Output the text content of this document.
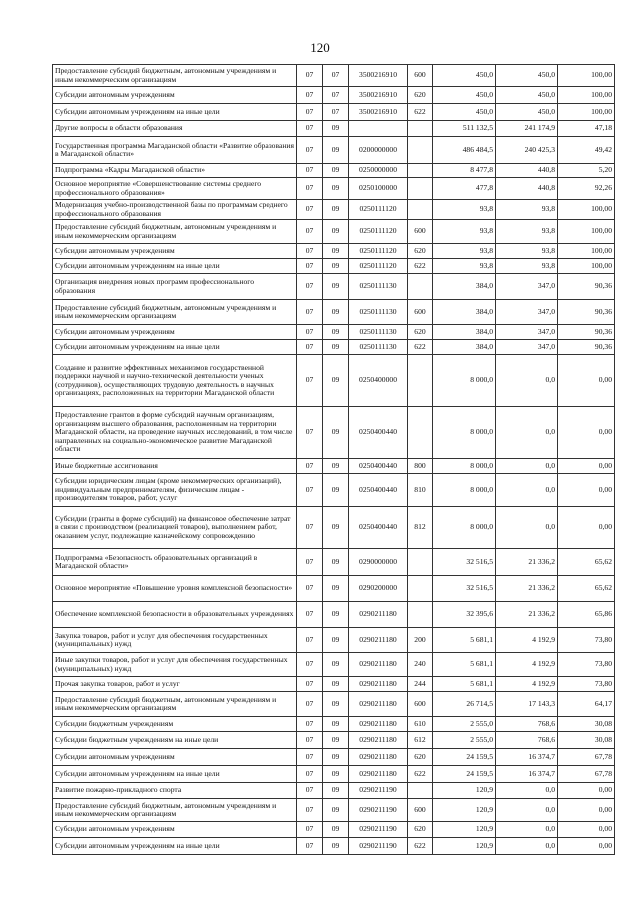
120
Предоставление субсидий бюджетным, автономным учреждениям и иным некоммерческим организациям	07	07	3500216910	600	450,0	450,0	100,00
Субсидии автономным учреждениям	07	07	3500216910	620	450,0	450,0	100,00
Субсидии автономным учреждениям на иные цели	07	07	3500216910	622	450,0	450,0	100,00
Другие вопросы в области образования	07	09			511 132,5	241 174,9	47,18
Государственная программа Магаданской области «Развитие образования в Магаданской области»	07	09	0200000000		486 484,5	240 425,3	49,42
Подпрограмма «Кадры Магаданской области»	07	09	0250000000		8 477,8	440,8	5,20
Основное мероприятие «Совершенствование системы среднего профессионального образования»	07	09	0250100000		477,8	440,8	92,26
Модернизация учебно-производственной базы по программам среднего профессионального образования	07	09	0250111120		93,8	93,8	100,00
Предоставление субсидий бюджетным, автономным учреждениям и иным некоммерческим организациям	07	09	0250111120	600	93,8	93,8	100,00
Субсидии автономным учреждениям	07	09	0250111120	620	93,8	93,8	100,00
Субсидии автономным учреждениям на иные цели	07	09	0250111120	622	93,8	93,8	100,00
Организация внедрения новых программ профессионального образования	07	09	0250111130		384,0	347,0	90,36
Предоставление субсидий бюджетным, автономным учреждениям и иным некоммерческим организациям	07	09	0250111130	600	384,0	347,0	90,36
Субсидии автономным учреждениям	07	09	0250111130	620	384,0	347,0	90,36
Субсидии автономным учреждениям на иные цели	07	09	0250111130	622	384,0	347,0	90,36
Создание и развитие эффективных механизмов государственной поддержки научной и научно-технической деятельности ученых (сотрудников), осуществляющих трудовую деятельность в научных организациях, расположенных на территории Магаданской области	07	09	0250400000		8 000,0	0,0	0,00
Предоставление грантов в форме субсидий научным организациям, организациям высшего образования, расположенным на территории Магаданской области, на проведение научных исследований, в том числе направленных на социально-экономическое развитие Магаданской области	07	09	0250400440		8 000,0	0,0	0,00
Иные бюджетные ассигнования	07	09	0250400440	800	8 000,0	0,0	0,00
Субсидии юридическим лицам (кроме некоммерческих организаций), индивидуальным предпринимателям, физическим лицам - производителям товаров, работ, услуг	07	09	0250400440	810	8 000,0	0,0	0,00
Субсидии (гранты в форме субсидий) на финансовое обеспечение затрат в связи с производством (реализацией товаров), выполнением работ, оказанием услуг, подлежащие казначейскому сопровождению	07	09	0250400440	812	8 000,0	0,0	0,00
Подпрограмма «Безопасность образовательных организаций в Магаданской области»	07	09	0290000000		32 516,5	21 336,2	65,62
Основное мероприятие «Повышение уровня комплексной безопасности»	07	09	0290200000		32 516,5	21 336,2	65,62
Обеспечение комплексной безопасности в образовательных учреждениях	07	09	0290211180		32 395,6	21 336,2	65,86
Закупка товаров, работ и услуг для обеспечения государственных (муниципальных) нужд	07	09	0290211180	200	5 681,1	4 192,9	73,80
Иные закупки товаров, работ и услуг для обеспечения государственных (муниципальных) нужд	07	09	0290211180	240	5 681,1	4 192,9	73,80
Прочая закупка товаров, работ и услуг	07	09	0290211180	244	5 681,1	4 192,9	73,80
Предоставление субсидий бюджетным, автономным учреждениям и иным некоммерческим организациям	07	09	0290211180	600	26 714,5	17 143,3	64,17
Субсидии бюджетным учреждениям	07	09	0290211180	610	2 555,0	768,6	30,08
Субсидии бюджетным учреждениям на иные цели	07	09	0290211180	612	2 555,0	768,6	30,08
Субсидии автономным учреждениям	07	09	0290211180	620	24 159,5	16 374,7	67,78
Субсидии автономным учреждениям на иные цели	07	09	0290211180	622	24 159,5	16 374,7	67,78
Развитие пожарно-прикладного спорта	07	09	0290211190		120,9	0,0	0,00
Предоставление субсидий бюджетным, автономным учреждениям и иным некоммерческим организациям	07	09	0290211190	600	120,9	0,0	0,00
Субсидии автономным учреждениям	07	09	0290211190	620	120,9	0,0	0,00
Субсидии автономным учреждениям на иные цели	07	09	0290211190	622	120,9	0,0	0,00
